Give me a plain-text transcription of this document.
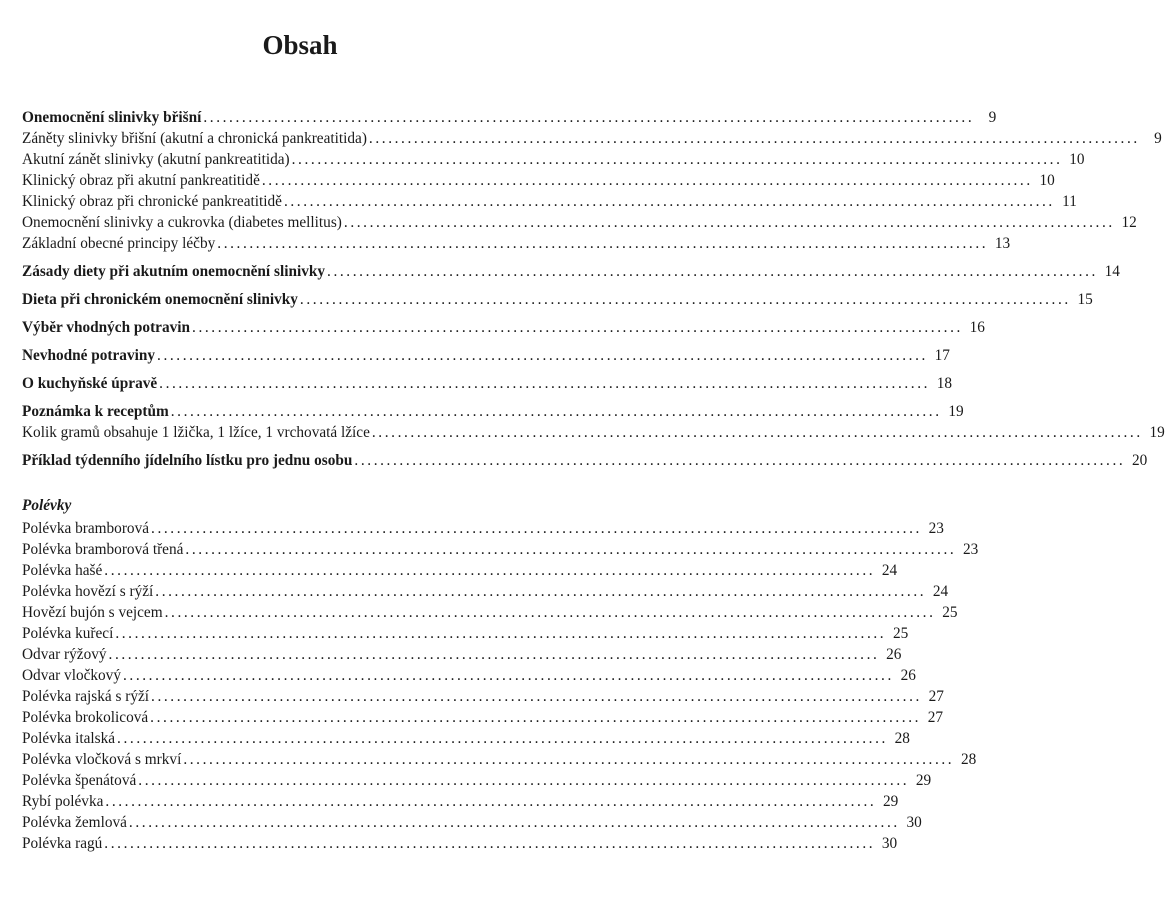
Obsah
Onemocnění slinivky břišní ........................................................................................................................ 9
Záněty slinivky břišní (akutní a chronická pankreatitida) ........................................................................................................................ 9
Akutní zánět slinivky (akutní pankreatitida) ........................................................................................................................ 10
Klinický obraz při akutní pankreatitidě ........................................................................................................................ 10
Klinický obraz při chronické pankreatitidě ........................................................................................................................ 11
Onemocnění slinivky a cukrovka (diabetes mellitus) ........................................................................................................................ 12
Základní obecné principy léčby ........................................................................................................................ 13
Zásady diety při akutním onemocnění slinivky ........................................................................................................................ 14
Dieta při chronickém onemocnění slinivky ........................................................................................................................ 15
Výběr vhodných potravin ........................................................................................................................ 16
Nevhodné potraviny ........................................................................................................................ 17
O kuchyňské úpravě ........................................................................................................................ 18
Poznámka k receptům ........................................................................................................................ 19
Kolik gramů obsahuje 1 lžička, 1 lžíce, 1 vrchovatá lžíce ........................................................................................................................ 19
Příklad týdenního jídelního lístku pro jednu osobu ........................................................................................................................ 20
Polévky
Polévka bramborová ........................................................................................................................ 23
Polévka bramborová třená ........................................................................................................................ 23
Polévka hašé ........................................................................................................................ 24
Polévka hovězí s rýží ........................................................................................................................ 24
Hovězí bujón s vejcem ........................................................................................................................ 25
Polévka kuřecí ........................................................................................................................ 25
Odvar rýžový ........................................................................................................................ 26
Odvar vločkový ........................................................................................................................ 26
Polévka rajská s rýží ........................................................................................................................ 27
Polévka brokolicová ........................................................................................................................ 27
Polévka italská ........................................................................................................................ 28
Polévka vločková s mrkví ........................................................................................................................ 28
Polévka špenátová ........................................................................................................................ 29
Rybí polévka ........................................................................................................................ 29
Polévka žemlová ........................................................................................................................ 30
Polévka ragú ........................................................................................................................ 30
